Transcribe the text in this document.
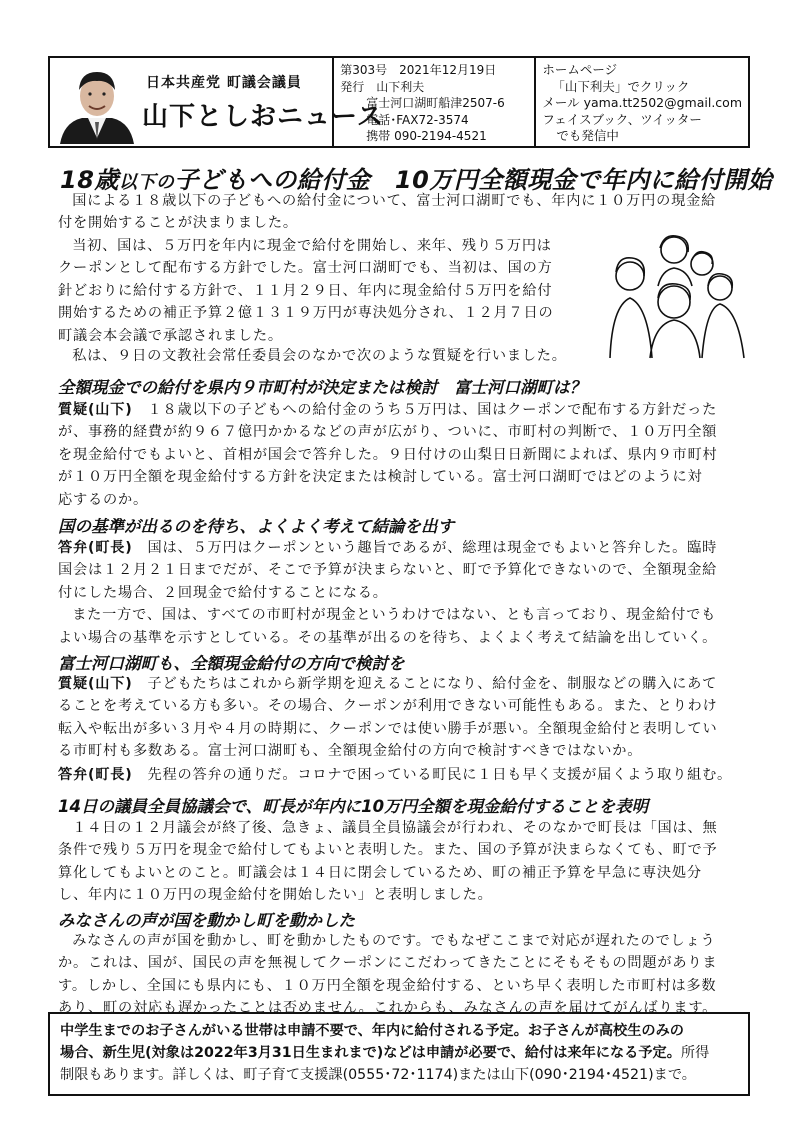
日本共産党 町議会議員
山下としおニュース
第303号　2021年12月19日
発行　山下利夫
富士河口湖町船津2507-6
電話･FAX72-3574
携帯 090-2194-4521
ホームページ
「山下利夫」でクリック
メール yama.tt2502@gmail.com
フェイスブック、ツイッター
でも発信中
18歳以下の子どもへの給付金　10万円全額現金で年内に給付開始

国による１８歳以下の子どもへの給付金について、富士河口湖町でも、年内に１０万円の現金給

付を開始することが決まりました。

当初、国は、５万円を年内に現金で給付を開始し、来年、残り５万円は

クーポンとして配布する方針でした。富士河口湖町でも、当初は、国の方

針どおりに給付する方針で、１１月２９日、年内に現金給付５万円を給付

開始するための補正予算２億１３１９万円が専決処分され、１２月７日の

町議会本会議で承認されました。

私は、９日の文教社会常任委員会のなかで次のような質疑を行いました。

全額現金での給付を県内９市町村が決定または検討　富士河口湖町は？

質疑(山下)　 １８歳以下の子どもへの給付金のうち５万円は、国はクーポンで配布する方針だった

が、事務的経費が約９６７億円かかるなどの声が広がり、ついに、市町村の判断で、１０万円全額

を現金給付でもよいと、首相が国会で答弁した。９日付けの山梨日日新聞によれば、県内９市町村

が１０万円全額を現金給付する方針を決定または検討している。富士河口湖町ではどのように対

応するのか。

国の基準が出るのを待ち、よくよく考えて結論を出す

答弁(町長)　 国は、５万円はクーポンという趣旨であるが、総理は現金でもよいと答弁した。臨時

国会は１２月２１日までだが、そこで予算が決まらないと、町で予算化できないので、全額現金給

付にした場合、２回現金で給付することになる。

また一方で、国は、すべての市町村が現金というわけではない、とも言っており、現金給付でも

よい場合の基準を示すとしている。その基準が出るのを待ち、よくよく考えて結論を出していく。

富士河口湖町も、全額現金給付の方向で検討を

質疑(山下)　 子どもたちはこれから新学期を迎えることになり、給付金を、制服などの購入にあて

ることを考えている方も多い。その場合、クーポンが利用できない可能性もある。また、とりわけ

転入や転出が多い３月や４月の時期に、クーポンでは使い勝手が悪い。全額現金給付と表明してい

る市町村も多数ある。富士河口湖町も、全額現金給付の方向で検討すべきではないか。

答弁(町長)　 先程の答弁の通りだ。コロナで困っている町民に１日も早く支援が届くよう取り組む。

14日の議員全員協議会で、町長が年内に10万円全額を現金給付することを表明

１４日の１２月議会が終了後、急きょ、議員全員協議会が行われ、そのなかで町長は「国は、無

条件で残り５万円を現金で給付してもよいと表明した。また、国の予算が決まらなくても、町で予

算化してもよいとのこと。町議会は１４日に閉会しているため、町の補正予算を早急に専決処分

し、年内に１０万円の現金給付を開始したい」と表明しました。

みなさんの声が国を動かし町を動かした

みなさんの声が国を動かし、町を動かしたものです。でもなぜここまで対応が遅れたのでしょう

か。これは、国が、国民の声を無視してクーポンにこだわってきたことにそもそもの問題がありま

す。しかし、全国にも県内にも、１０万円全額を現金給付する、といち早く表明した市町村は多数

あり、町の対応も遅かったことは否めません。これからも、みなさんの声を届けてがんばります。

中学生までのお子さんがいる世帯は申請不要で、年内に給付される予定。お子さんが高校生のみの
場合、新生児(対象は2022年3月31日生まれまで)などは申請が必要で、給付は来年になる予定。所得
制限もあります。詳しくは、町子育て支援課(0555･72･1174)または山下(090･2194･4521)まで。
